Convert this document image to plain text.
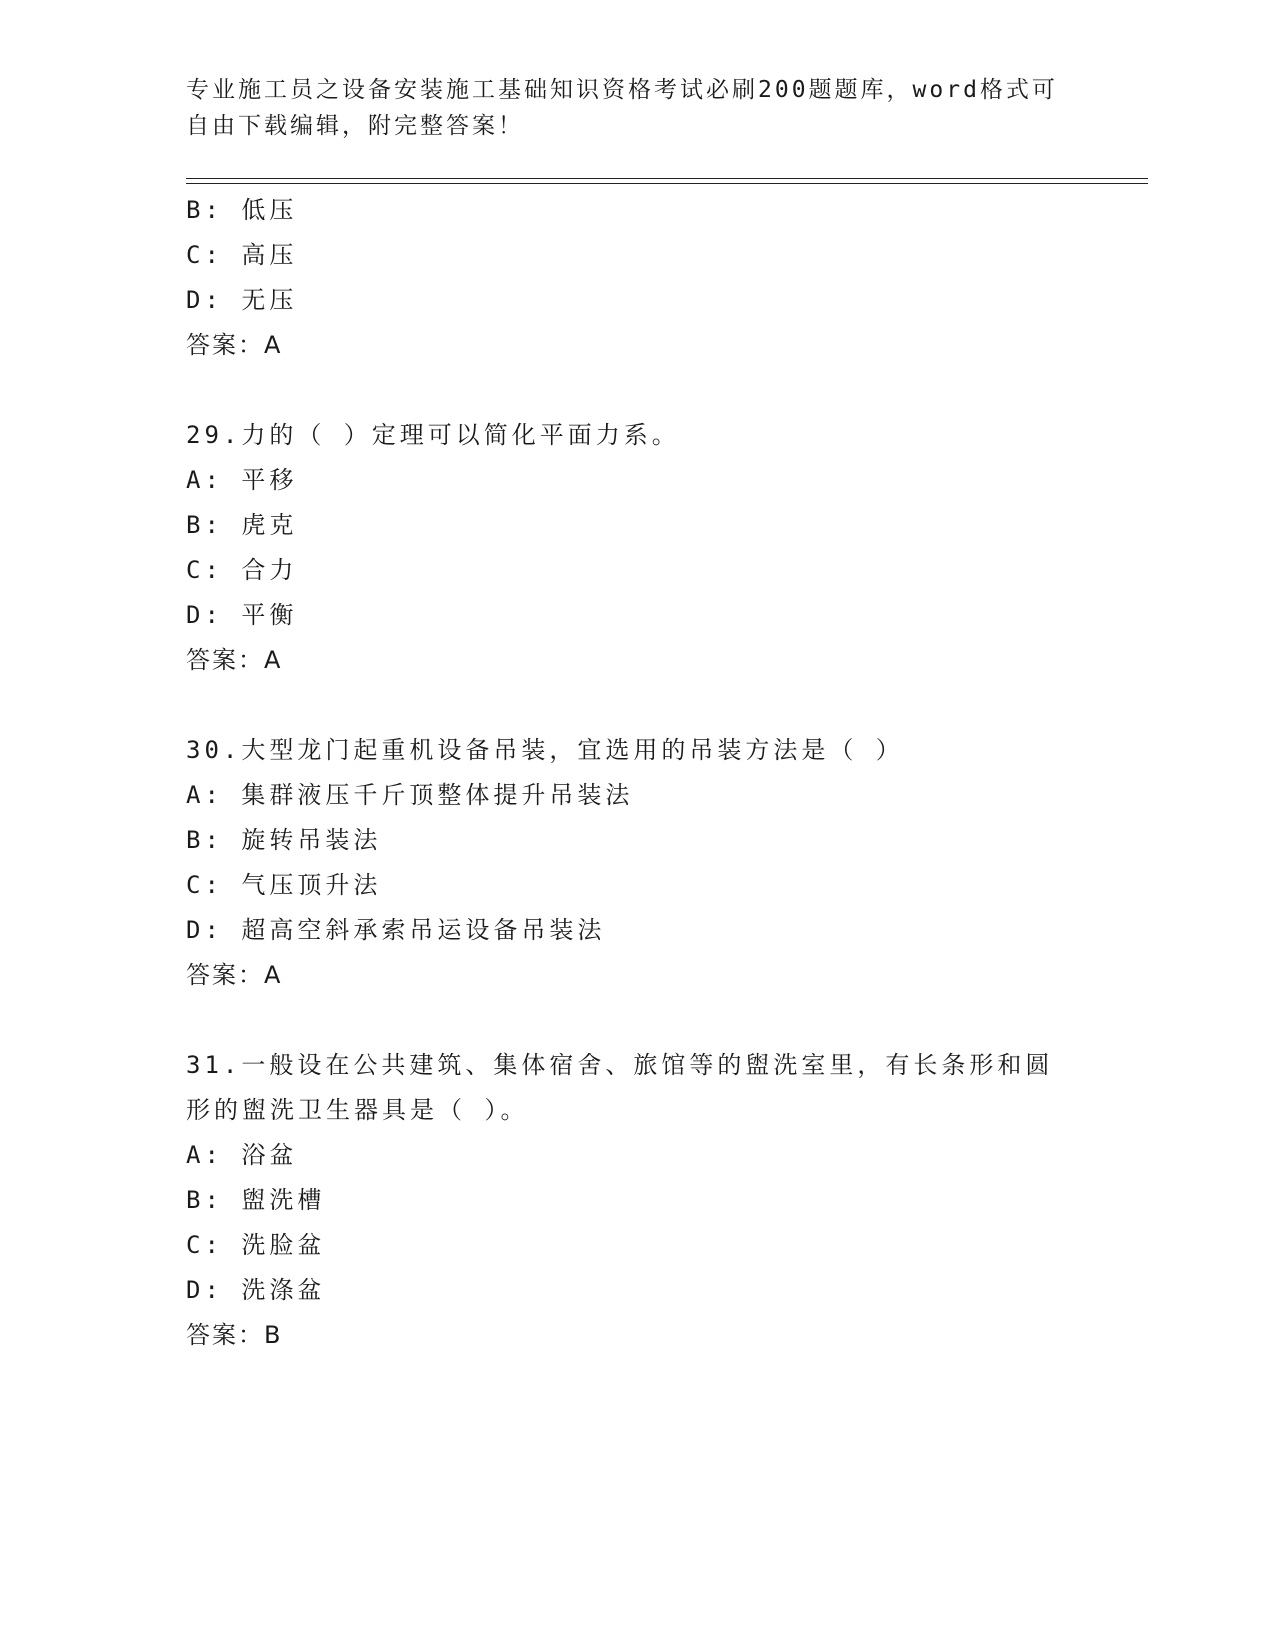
专业施工员之设备安装施工基础知识资格考试必刷200题题库，word格式可自由下载编辑，附完整答案！
B: 低压
C: 高压
D: 无压
答案：A
29.力的（ ）定理可以简化平面力系。
A: 平移
B: 虎克
C: 合力
D: 平衡
答案：A
30.大型龙门起重机设备吊装，宜选用的吊装方法是（ ）
A: 集群液压千斤顶整体提升吊装法
B: 旋转吊装法
C: 气压顶升法
D: 超高空斜承索吊运设备吊装法
答案：A
31.一般设在公共建筑、集体宿舍、旅馆等的盥洗室里，有长条形和圆
形的盥洗卫生器具是（ ）。
A: 浴盆
B: 盥洗槽
C: 洗脸盆
D: 洗涤盆
答案：B
